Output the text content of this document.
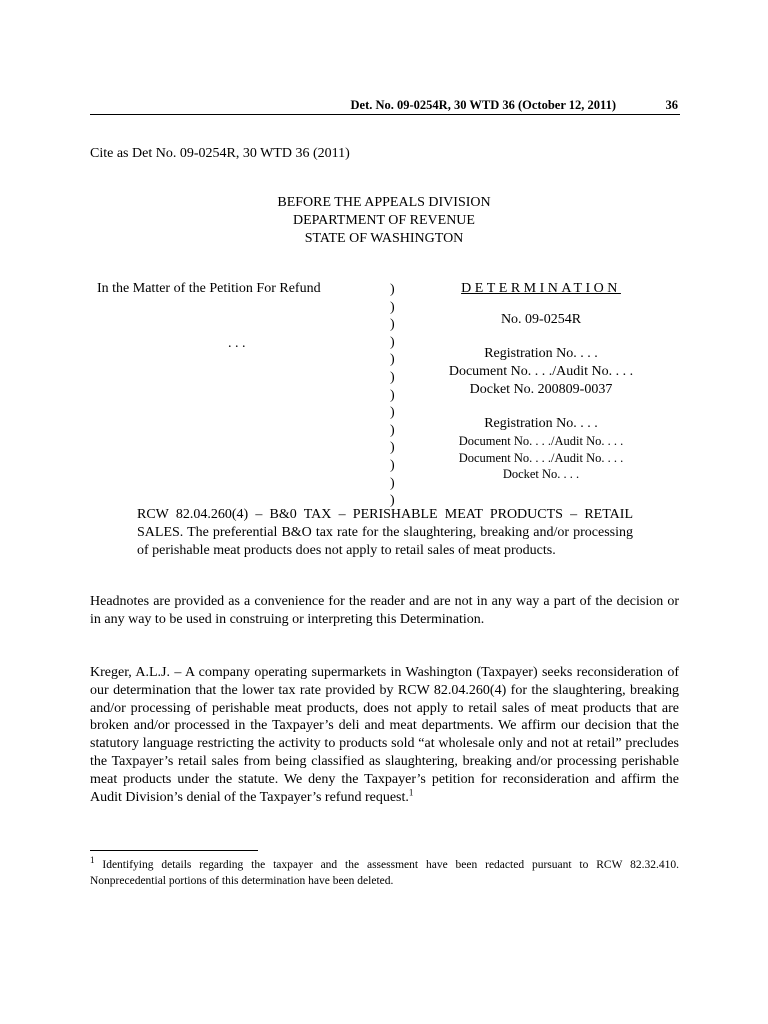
Det. No. 09-0254R, 30 WTD 36 (October 12, 2011)	36
Cite as Det No. 09-0254R, 30 WTD 36 (2011)
BEFORE THE APPEALS DIVISION
DEPARTMENT OF REVENUE
STATE OF WASHINGTON
In the Matter of the Petition For Refund
. . .
)
)
)
)
)
)
)
)
)
)
)
)
)
DETERMINATION
No. 09-0254R
Registration No. . . .
Document No. . . ./Audit No. . . .
Docket No. 200809-0037
Registration No. . . .
Document No. . . ./Audit No. . . .
Document No. . . ./Audit No. . . .
Docket No. . . .
RCW 82.04.260(4) – B&0 TAX – PERISHABLE MEAT PRODUCTS – RETAIL SALES. The preferential B&O tax rate for the slaughtering, breaking and/or processing of perishable meat products does not apply to retail sales of meat products.
Headnotes are provided as a convenience for the reader and are not in any way a part of the decision or in any way to be used in construing or interpreting this Determination.
Kreger, A.L.J. – A company operating supermarkets in Washington (Taxpayer) seeks reconsideration of our determination that the lower tax rate provided by RCW 82.04.260(4) for the slaughtering, breaking and/or processing of perishable meat products, does not apply to retail sales of meat products that are broken and/or processed in the Taxpayer’s deli and meat departments. We affirm our decision that the statutory language restricting the activity to products sold “at wholesale only and not at retail” precludes the Taxpayer’s retail sales from being classified as slaughtering, breaking and/or processing perishable meat products under the statute. We deny the Taxpayer’s petition for reconsideration and affirm the Audit Division’s denial of the Taxpayer’s refund request.$^1$
$^1$ Identifying details regarding the taxpayer and the assessment have been redacted pursuant to RCW 82.32.410. Nonprecedential portions of this determination have been deleted.
